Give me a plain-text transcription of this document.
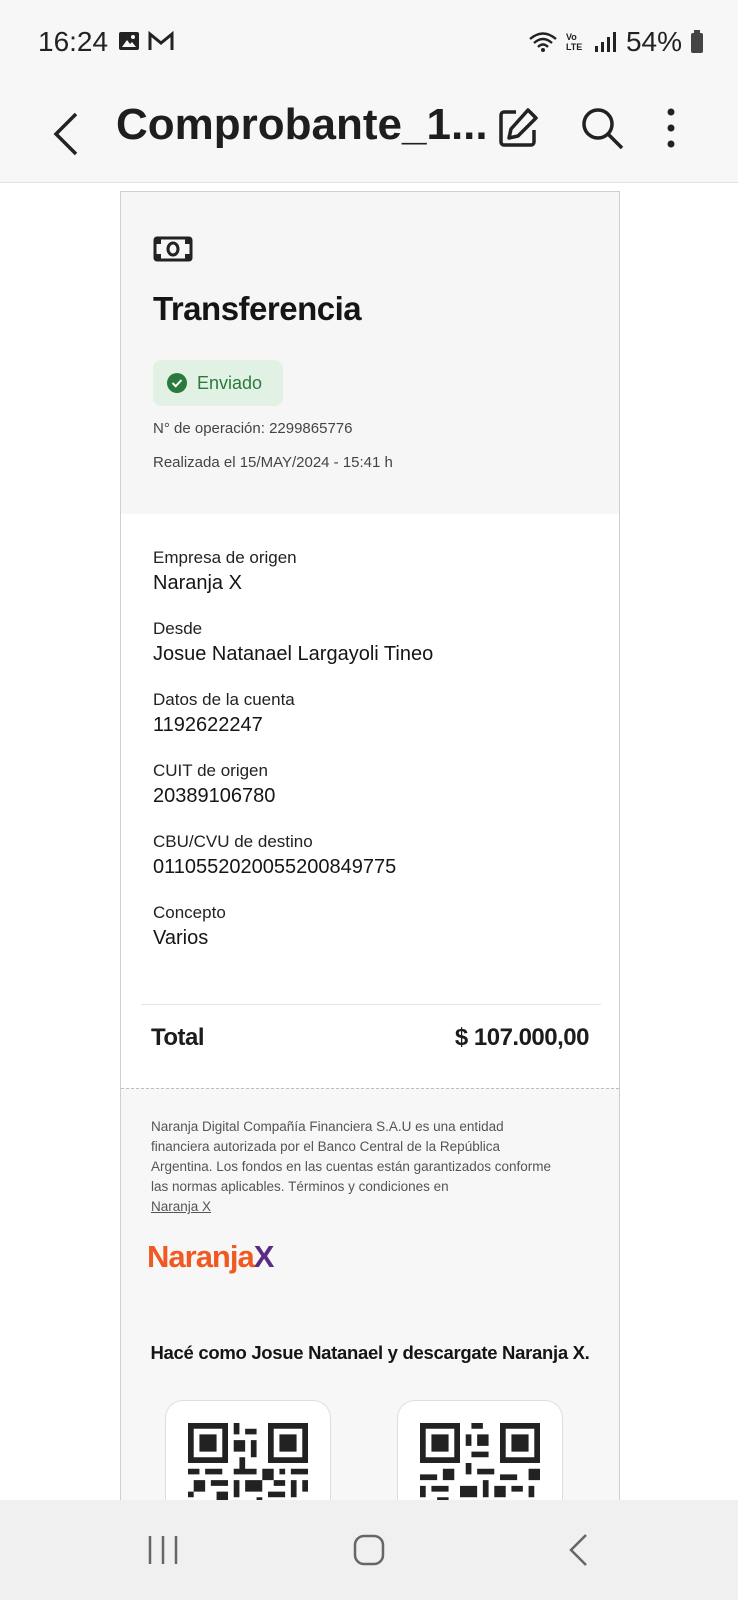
16:24	Vo LTE 54%
Comprobante_1...
Transferencia
Enviado
N° de operación: 2299865776
Realizada el 15/MAY/2024 - 15:41 h
Empresa de origen
Naranja X
Desde
Josue Natanael Largayoli Tineo
Datos de la cuenta
1192622247
CUIT de origen
20389106780
CBU/CVU de destino
0110552020055200849775
Concepto
Varios
Total	$ 107.000,00
Naranja Digital Compañía Financiera S.A.U es una entidad financiera autorizada por el Banco Central de la República Argentina. Los fondos en las cuentas están garantizados conforme las normas aplicables. Términos y condiciones en
Naranja X
NaranjaX
Hacé como Josue Natanael y descargate Naranja X.
